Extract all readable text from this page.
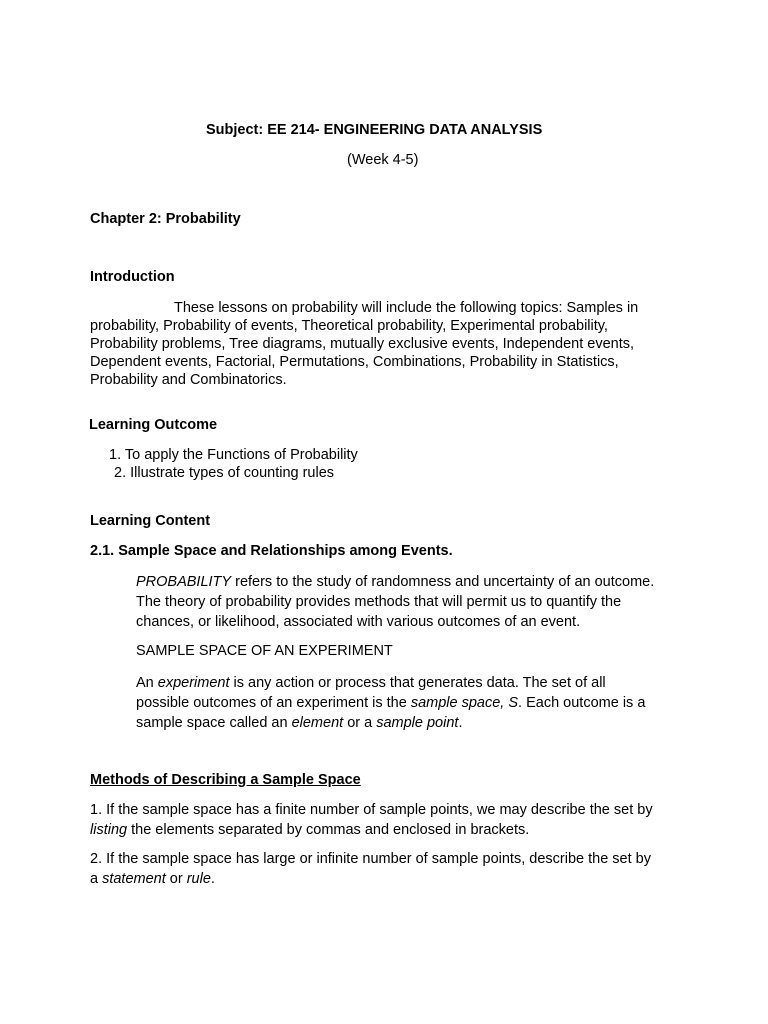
Subject: EE 214- ENGINEERING DATA ANALYSIS
(Week 4-5)
Chapter 2: Probability
Introduction
These lessons on probability will include the following topics: Samples in
probability, Probability of events, Theoretical probability, Experimental probability,
Probability problems, Tree diagrams, mutually exclusive events, Independent events,
Dependent events, Factorial, Permutations, Combinations, Probability in Statistics,
Probability and Combinatorics.
Learning Outcome
1. To apply the Functions of Probability
2. Illustrate types of counting rules
Learning Content
2.1. Sample Space and Relationships among Events.
PROBABILITY refers to the study of randomness and uncertainty of an outcome.
The theory of probability provides methods that will permit us to quantify the
chances, or likelihood, associated with various outcomes of an event.
SAMPLE SPACE OF AN EXPERIMENT
An experiment is any action or process that generates data. The set of all
possible outcomes of an experiment is the sample space, S. Each outcome is a
sample space called an element or a sample point.
Methods of Describing a Sample Space
1. If the sample space has a finite number of sample points, we may describe the set by
listing the elements separated by commas and enclosed in brackets.
2. If the sample space has large or infinite number of sample points, describe the set by
a statement or rule.
